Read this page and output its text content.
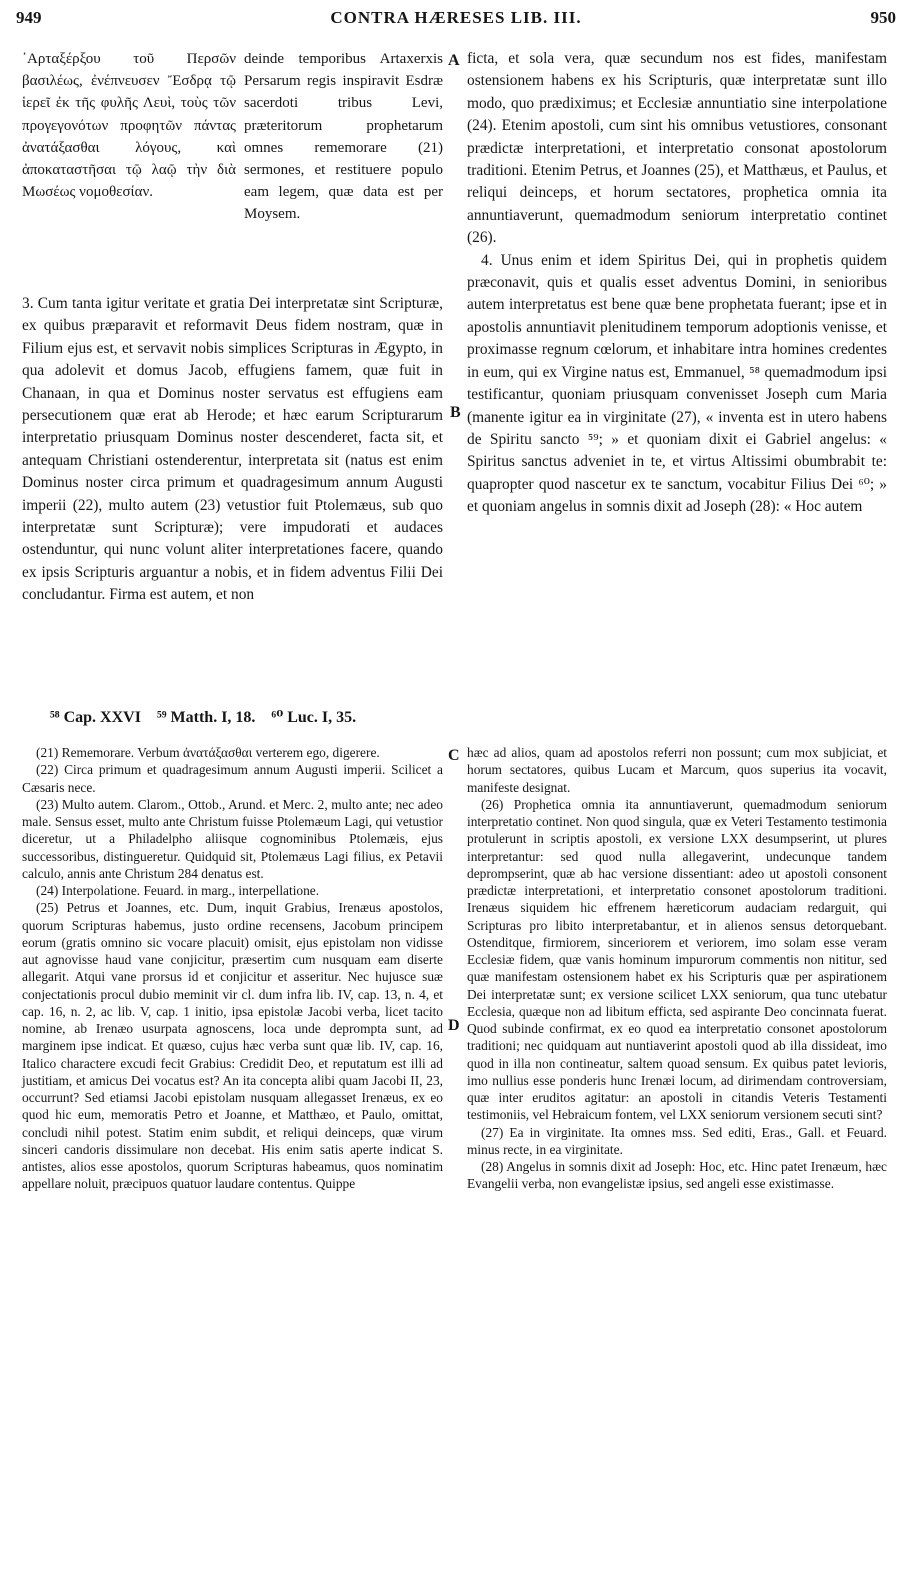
CONTRA HÆRESES LIB. III.
949	950

᾿Αρταξέρξου τοῦ Περσῶν βασιλέως, ἐνέπνευσεν Ἔσδρᾳ τῷ ἱερεῖ ἐκ τῆς φυλῆς Λευὶ, τοὺς τῶν προγεγονότων προφητῶν πάντας ἀνατάξασθαι λόγους, καὶ ἀποκαταστῆσαι τῷ λαῷ τὴν διὰ Μωσέως νομοθεσίαν.

deinde temporibus Artaxerxis Persarum regis inspiravit Esdræ sacerdoti tribus Levi, præteritorum prophetarum omnes rememorare (21) sermones, et restituere populo eam legem, quæ data est per Moysem.

3. Cum tanta igitur veritate et gratia Dei interpretatæ sint Scripturæ, ex quibus præparavit et reformavit Deus fidem nostram, quæ in Filium ejus est, et servavit nobis simplices Scripturas in Ægypto, in qua adolevit et domus Jacob, effugiens famem, quæ fuit in Chanaan, in qua et Dominus noster servatus est effugiens eam persecutionem quæ erat ab Herode; et hæc earum Scripturarum interpretatio priusquam Dominus noster descenderet, facta sit, et antequam Christiani ostenderentur, interpretata sit (natus est enim Dominus noster circa primum et quadragesimum annum Augusti imperii (22), multo autem (23) vetustior fuit Ptolemæus, sub quo interpretatæ sunt Scripturæ); vere impudorati et audaces ostenduntur, qui nunc volunt aliter interpretationes facere, quando ex ipsis Scripturis arguantur a nobis, et in fidem adventus Filii Dei concludantur. Firma est autem, et non

ficta, et sola vera, quæ secundum nos est fides, manifestam ostensionem habens ex his Scripturis, quæ interpretatæ sunt illo modo, quo prædiximus; et Ecclesiæ annuntiatio sine interpolatione (24). Etenim apostoli, cum sint his omnibus vetustiores, consonant prædictæ interpretationi, et interpretatio consonat apostolorum traditioni. Etenim Petrus, et Joannes (25), et Matthæus, et Paulus, et reliqui deinceps, et horum sectatores, prophetica omnia ita annuntiaverunt, quemadmodum seniorum interpretatio continet (26).

4. Unus enim et idem Spiritus Dei, qui in prophetis quidem præconavit, quis et qualis esset adventus Domini, in senioribus autem interpretatus est bene quæ bene prophetata fuerant; ipse et in apostolis annuntiavit plenitudinem temporum adoptionis venisse, et proximasse regnum cœlorum, et inhabitare intra homines credentes in eum, qui ex Virgine natus est, Emmanuel, ⁵⁸ quemadmodum ipsi testificantur, quoniam priusquam convenisset Joseph cum Maria (manente igitur ea in virginitate (27), « inventa est in utero habens de Spiritu sancto ⁵⁹; » et quoniam dixit ei Gabriel angelus: « Spiritus sanctus adveniet in te, et virtus Altissimi obumbrabit te: quapropter quod nascetur ex te sanctum, vocabitur Filius Dei ⁶⁰; » et quoniam angelus in somnis dixit ad Joseph (28): « Hoc autem

A
B
C
D
⁵⁸ Cap. XXVI    ⁵⁹ Matth. I, 18.    ⁶⁰ Luc. I, 35.

(21) Rememorare. Verbum ἀνατάξασθαι verterem ego, digerere.

(22) Circa primum et quadragesimum annum Augusti imperii. Scilicet a Cæsaris nece.

(23) Multo autem. Clarom., Ottob., Arund. et Merc. 2, multo ante; nec adeo male. Sensus esset, multo ante Christum fuisse Ptolemæum Lagi, qui vetustior diceretur, ut a Philadelpho aliisque cognominibus Ptolemæis, ejus successoribus, distingueretur. Quidquid sit, Ptolemæus Lagi filius, ex Petavii calculo, annis ante Christum 284 denatus est.

(24) Interpolatione. Feuard. in marg., interpellatione.

(25) Petrus et Joannes, etc. Dum, inquit Grabius, Irenæus apostolos, quorum Scripturas habemus, justo ordine recensens, Jacobum principem eorum (gratis omnino sic vocare placuit) omisit, ejus epistolam non vidisse aut agnovisse haud vane conjicitur, præsertim cum nusquam eam diserte allegarit. Atqui vane prorsus id et conjicitur et asseritur. Nec hujusce suæ conjectationis procul dubio meminit vir cl. dum infra lib. IV, cap. 13, n. 4, et cap. 16, n. 2, ac lib. V, cap. 1 initio, ipsa epistolæ Jacobi verba, licet tacito nomine, ab Irenæo usurpata agnoscens, loca unde deprompta sunt, ad marginem ipse indicat. Et quæso, cujus hæc verba sunt quæ lib. IV, cap. 16, Italico charactere excudi fecit Grabius: Credidit Deo, et reputatum est illi ad justitiam, et amicus Dei vocatus est? An ita concepta alibi quam Jacobi II, 23, occurrunt? Sed etiamsi Jacobi epistolam nusquam allegasset Irenæus, ex eo quod hic eum, memoratis Petro et Joanne, et Matthæo, et Paulo, omittat, concludi nihil potest. Statim enim subdit, et reliqui deinceps, quæ virum sinceri candoris dissimulare non decebat. His enim satis aperte indicat S. antistes, alios esse apostolos, quorum Scripturas habeamus, quos nominatim appellare noluit, præcipuos quatuor laudare contentus. Quippe

hæc ad alios, quam ad apostolos referri non possunt; cum mox subjiciat, et horum sectatores, quibus Lucam et Marcum, quos superius ita vocavit, manifeste designat.

(26) Prophetica omnia ita annuntiaverunt, quemadmodum seniorum interpretatio continet. Non quod singula, quæ ex Veteri Testamento testimonia protulerunt in scriptis apostoli, ex versione LXX desumpserint, ut plures interpretantur: sed quod nulla allegaverint, undecunque tandem deprompserint, quæ ab hac versione dissentiant: adeo ut apostoli consonent prædictæ interpretationi, et interpretatio consonet apostolorum traditioni. Irenæus siquidem hic effrenem hæreticorum audaciam redarguit, qui Scripturas pro libito interpretabantur, et in alienos sensus detorquebant. Ostenditque, firmiorem, sinceriorem et veriorem, imo solam esse veram Ecclesiæ fidem, quæ vanis hominum impurorum commentis non nititur, sed quæ manifestam ostensionem habet ex his Scripturis quæ per aspirationem Dei interpretatæ sunt; ex versione scilicet LXX seniorum, qua tunc utebatur Ecclesia, quæque non ad libitum efficta, sed aspirante Deo concinnata fuerat. Quod subinde confirmat, ex eo quod ea interpretatio consonet apostolorum traditioni; nec quidquam aut nuntiaverint apostoli quod ab illa dissideat, imo quod in illa non contineatur, saltem quoad sensum. Ex quibus patet levioris, imo nullius esse ponderis hunc Irenæi locum, ad dirimendam controversiam, quæ inter eruditos agitatur: an apostoli in citandis Veteris Testamenti testimoniis, vel Hebraicum fontem, vel LXX seniorum versionem secuti sint?

(27) Ea in virginitate. Ita omnes mss. Sed editi, Eras., Gall. et Feuard. minus recte, in ea virginitate.

(28) Angelus in somnis dixit ad Joseph: Hoc, etc. Hinc patet Irenæum, hæc Evangelii verba, non evangelistæ ipsius, sed angeli esse existimasse.
